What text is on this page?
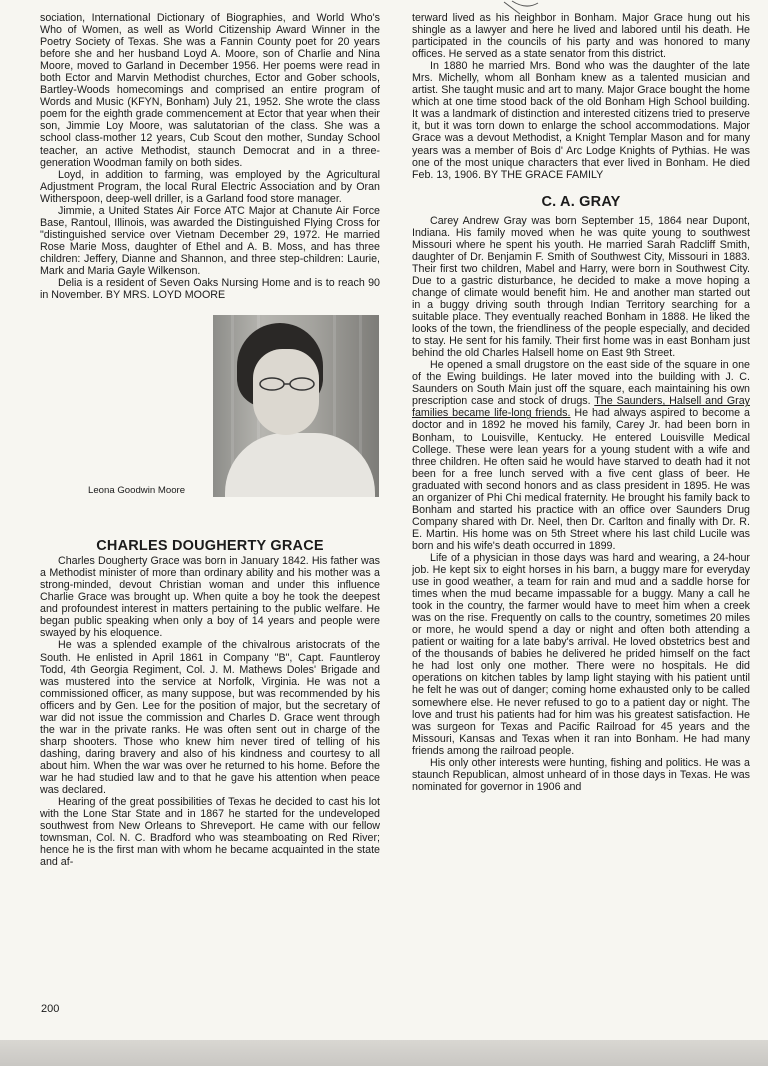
sociation, International Dictionary of Biographies, and World Who's Who of Women, as well as World Citizenship Award Winner in the Poetry Society of Texas. She was a Fannin County poet for 20 years before she and her husband Loyd A. Moore, son of Charlie and Nina Moore, moved to Garland in December 1956. Her poems were read in both Ector and Marvin Methodist churches, Ector and Gober schools, Bartley-Woods homecomings and comprised an entire program of Words and Music (KFYN, Bonham) July 21, 1952. She wrote the class poem for the eighth grade commencement at Ector that year when their son, Jimmie Loy Moore, was salutatorian of the class. She was a school class-mother 12 years, Cub Scout den mother, Sunday School teacher, an active Methodist, staunch Democrat and in a three-generation Woodman family on both sides.

Loyd, in addition to farming, was employed by the Agricultural Adjustment Program, the local Rural Electric Association and by Oran Witherspoon, deep-well driller, is a Garland food store manager.

Jimmie, a United States Air Force ATC Major at Chanute Air Force Base, Rantoul, Illinois, was awarded the Distinguished Flying Cross for "distinguished service over Vietnam December 29, 1972. He married Rose Marie Moss, daughter of Ethel and A. B. Moss, and has three children: Jeffery, Dianne and Shannon, and three step-children: Laurie, Mark and Maria Gayle Wilkenson.

Delia is a resident of Seven Oaks Nursing Home and is to reach 90 in November. BY MRS. LOYD MOORE

Leona Goodwin Moore
CHARLES DOUGHERTY GRACE

Charles Dougherty Grace was born in January 1842. His father was a Methodist minister of more than ordinary ability and his mother was a strong-minded, devout Christian woman and under this influence Charlie Grace was brought up. When quite a boy he took the deepest and profoundest interest in matters pertaining to the public welfare. He began public speaking when only a boy of 14 years and people were swayed by his eloquence.

He was a splended example of the chivalrous aristocrats of the South. He enlisted in April 1861 in Company "B", Capt. Fauntleroy Todd, 4th Georgia Regiment, Col. J. M. Mathews Doles' Brigade and was mustered into the service at Norfolk, Virginia. He was not a commissioned officer, as many suppose, but was recommended by his officers and by Gen. Lee for the position of major, but the secretary of war did not issue the commission and Charles D. Grace went through the war in the private ranks. He was often sent out in charge of the sharp shooters. Those who knew him never tired of telling of his dashing, daring bravery and also of his kindness and courtesy to all about him. When the war was over he returned to his home. Before the war he had studied law and to that he gave his attention when peace was declared.

Hearing of the great possibilities of Texas he decided to cast his lot with the Lone Star State and in 1867 he started for the undeveloped southwest from New Orleans to Shreveport. He came with our fellow townsman, Col. N. C. Bradford who was steamboating on Red River; hence he is the first man with whom he became acquainted in the state and af-

terward lived as his neighbor in Bonham. Major Grace hung out his shingle as a lawyer and here he lived and labored until his death. He participated in the councils of his party and was honored to many offices. He served as a state senator from this district.

In 1880 he married Mrs. Bond who was the daughter of the late Mrs. Michelly, whom all Bonham knew as a talented musician and artist. She taught music and art to many. Major Grace bought the home which at one time stood back of the old Bonham High School building. It was a landmark of distinction and interested citizens tried to preserve it, but it was torn down to enlarge the school accommodations. Major Grace was a devout Methodist, a Knight Templar Mason and for many years was a member of Bois d' Arc Lodge Knights of Pythias. He was one of the most unique characters that ever lived in Bonham. He died Feb. 13, 1906. BY THE GRACE FAMILY

C. A. GRAY

Carey Andrew Gray was born September 15, 1864 near Dupont, Indiana. His family moved when he was quite young to southwest Missouri where he spent his youth. He married Sarah Radcliff Smith, daughter of Dr. Benjamin F. Smith of Southwest City, Missouri in 1883. Their first two children, Mabel and Harry, were born in Southwest City. Due to a gastric disturbance, he decided to make a move hoping a change of climate would benefit him. He and another man started out in a buggy driving south through Indian Territory searching for a suitable place. They eventually reached Bonham in 1888. He liked the looks of the town, the friendliness of the people especially, and decided to stay. He sent for his family. Their first home was in east Bonham just behind the old Charles Halsell home on East 9th Street.

He opened a small drugstore on the east side of the square in one of the Ewing buildings. He later moved into the building with J. C. Saunders on South Main just off the square, each maintaining his own prescription case and stock of drugs. The Saunders, Halsell and Gray families became life-long friends. He had always aspired to become a doctor and in 1892 he moved his family, Carey Jr. had been born in Bonham, to Louisville, Kentucky. He entered Louisville Medical College. These were lean years for a young student with a wife and three children. He often said he would have starved to death had it not been for a free lunch served with a five cent glass of beer. He graduated with second honors and as class president in 1895. He was an organizer of Phi Chi medical fraternity. He brought his family back to Bonham and started his practice with an office over Saunders Drug Company shared with Dr. Neel, then Dr. Carlton and finally with Dr. R. E. Martin. His home was on 5th Street where his last child Lucile was born and his wife's death occurred in 1899.

Life of a physician in those days was hard and wearing, a 24-hour job. He kept six to eight horses in his barn, a buggy mare for everyday use in good weather, a team for rain and mud and a saddle horse for times when the mud became impassable for a buggy. Many a call he took in the country, the farmer would have to meet him when a creek was on the rise. Frequently on calls to the country, sometimes 20 miles or more, he would spend a day or night and often both attending a patient or waiting for a late baby's arrival. He loved obstetrics best and of the thousands of babies he delivered he prided himself on the fact he had lost only one mother. There were no hospitals. He did operations on kitchen tables by lamp light staying with his patient until he felt he was out of danger; coming home exhausted only to be called somewhere else. He never refused to go to a patient day or night. The love and trust his patients had for him was his greatest satisfaction. He was surgeon for Texas and Pacific Railroad for 45 years and the Missouri, Kansas and Texas when it ran into Bonham. He had many friends among the railroad people.

His only other interests were hunting, fishing and politics. He was a staunch Republican, almost unheard of in those days in Texas. He was nominated for governor in 1906 and

200
